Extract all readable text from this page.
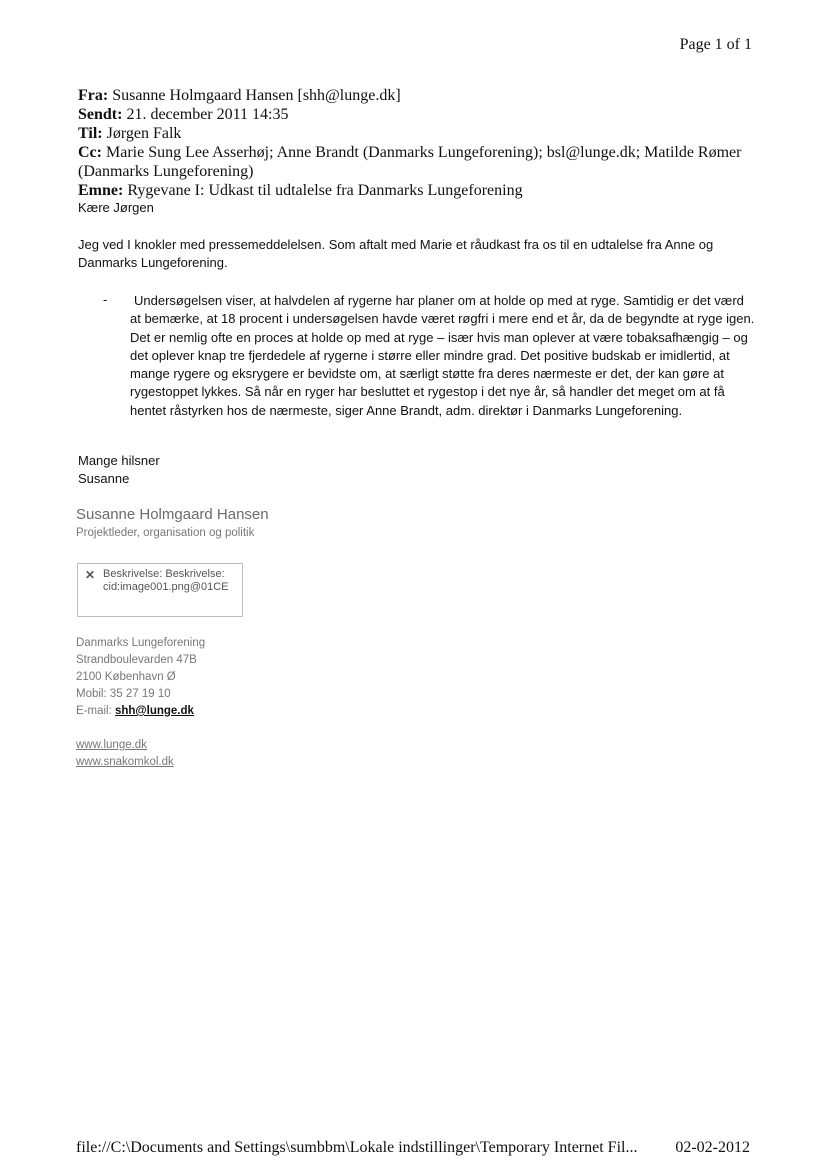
Page 1 of 1
Fra: Susanne Holmgaard Hansen [shh@lunge.dk]
Sendt: 21. december 2011 14:35
Til: Jørgen Falk
Cc: Marie Sung Lee Asserhøj; Anne Brandt (Danmarks Lungeforening); bsl@lunge.dk; Matilde Rømer (Danmarks Lungeforening)
Emne: Rygevane I: Udkast til udtalelse fra Danmarks Lungeforening
Kære Jørgen
Jeg ved I knokler med pressemeddelelsen. Som aftalt med Marie et råudkast fra os til en udtalelse fra Anne og Danmarks Lungeforening.
-	Undersøgelsen viser, at halvdelen af rygerne har planer om at holde op med at ryge. Samtidig er det værd at bemærke, at 18 procent i undersøgelsen havde været røgfri i mere end et år, da de begyndte at ryge igen. Det er nemlig ofte en proces at holde op med at ryge – især hvis man oplever at være tobaksafhængig – og det oplever knap tre fjerdedele af rygerne i større eller mindre grad. Det positive budskab er imidlertid, at mange rygere og eksrygere er bevidste om, at særligt støtte fra deres nærmeste er det, der kan gøre at rygestoppet lykkes. Så når en ryger har besluttet et rygestop i det nye år, så handler det meget om at få hentet råstyrken hos de nærmeste, siger Anne Brandt, adm. direktør i Danmarks Lungeforening.
Mange hilsner
Susanne
Susanne Holmgaard Hansen
Projektleder, organisation og politik
✕ Beskrivelse: Beskrivelse: cid:image001.png@01CE
Danmarks Lungeforening
Strandboulevarden 47B
2100 København Ø
Mobil: 35 27 19 10
E-mail: shh@lunge.dk
www.lunge.dk
www.snakomkol.dk
file://C:\Documents and Settings\sumbbm\Lokale indstillinger\Temporary Internet Fil... 02-02-2012
